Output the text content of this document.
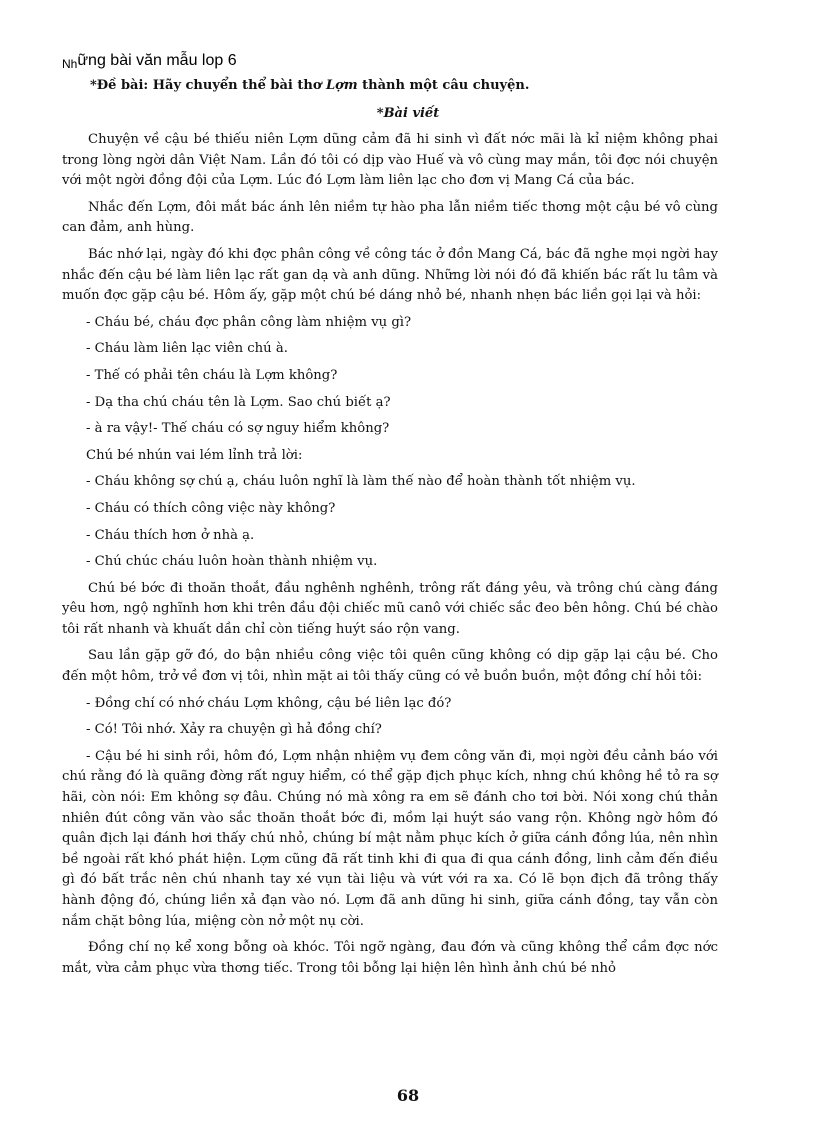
Những bài văn mẫu lop 6
*Đề bài: Hãy chuyển thể bài thơ Lợm thành một câu chuyện.
*Bài viết

Chuyện về cậu bé thiếu niên Lợm dũng cảm đã hi sinh vì đất nớc mãi là kỉ niệm không phai trong lòng ngời dân Việt Nam. Lần đó tôi có dịp vào Huế và vô cùng may mắn, tôi đợc nói chuyện với một ngời đồng đội của Lợm. Lúc đó Lợm làm liên lạc cho đơn vị Mang Cá của bác.

Nhắc đến Lợm, đôi mắt bác ánh lên niềm tự hào pha lẫn niềm tiếc thơng một cậu bé vô cùng can đảm, anh hùng.

Bác nhớ lại, ngày đó khi đợc phân công về công tác ở đồn Mang Cá, bác đã nghe mọi ngời hay nhắc đến cậu bé làm liên lạc rất gan dạ và anh dũng. Những lời nói đó đã khiến bác rất lu tâm và muốn đợc gặp cậu bé. Hôm ấy, gặp một chú bé dáng nhỏ bé, nhanh nhẹn bác liền gọi lại và hỏi:

- Cháu bé, cháu đợc phân công làm nhiệm vụ gì?

- Cháu làm liên lạc viên chú à.

- Thế có phải tên cháu là Lợm không?

- Dạ tha chú cháu tên là Lợm. Sao chú biết ạ?

- à ra vậy!- Thế cháu có sợ nguy hiểm không?

Chú bé nhún vai lém lỉnh trả lời:

- Cháu không sợ chú ạ, cháu luôn nghĩ là làm thế nào để hoàn thành tốt nhiệm vụ.

- Cháu có thích công việc này không?

- Cháu thích hơn ở nhà ạ.

- Chú chúc cháu luôn hoàn thành nhiệm vụ.

Chú bé bớc đi thoăn thoắt, đầu nghênh nghênh, trông rất đáng yêu, và trông chú càng đáng yêu hơn, ngộ nghĩnh hơn khi trên đầu đội chiếc mũ canô với chiếc sắc đeo bên hông. Chú bé chào tôi rất nhanh và khuất dần chỉ còn tiếng huýt sáo rộn vang.

Sau lần gặp gỡ đó, do bận nhiều công việc tôi quên cũng không có dịp gặp lại cậu bé. Cho đến một hôm, trở về đơn vị tôi, nhìn mặt ai tôi thấy cũng có vẻ buồn buồn, một đồng chí hỏi tôi:

- Đồng chí có nhớ cháu Lợm không, cậu bé liên lạc đó?

- Có! Tôi nhớ. Xảy ra chuyện gì hả đồng chí?

- Cậu bé hi sinh rồi, hôm đó, Lợm nhận nhiệm vụ đem công văn đi, mọi ngời đều cảnh báo với chú rằng đó là quãng đờng rất nguy hiểm, có thể gặp địch phục kích, nhng chú không hề tỏ ra sợ hãi, còn nói: Em không sợ đâu. Chúng nó mà xông ra em sẽ đánh cho tơi bời. Nói xong chú thản nhiên đút công văn vào sắc thoăn thoắt bớc đi, mồm lại huýt sáo vang rộn. Không ngờ hôm đó quân địch lại đánh hơi thấy chú nhỏ, chúng bí mật nằm phục kích ở giữa cánh đồng lúa, nên nhìn bề ngoài rất khó phát hiện. Lợm cũng đã rất tinh khi đi qua đi qua cánh đồng, linh cảm đến điều gì đó bất trắc nên chú nhanh tay xé vụn tài liệu và vứt với ra xa. Có lẽ bọn địch đã trông thấy hành động đó, chúng liền xả đạn vào nó. Lợm đã anh dũng hi sinh, giữa cánh đồng, tay vẫn còn nắm chặt bông lúa, miệng còn nở một nụ cời.

Đồng chí nọ kể xong bỗng oà khóc. Tôi ngỡ ngàng, đau đớn và cũng không thể cầm đợc nớc mắt, vừa cảm phục vừa thơng tiếc. Trong tôi bỗng lại hiện lên hình ảnh chú bé nhỏ

68
